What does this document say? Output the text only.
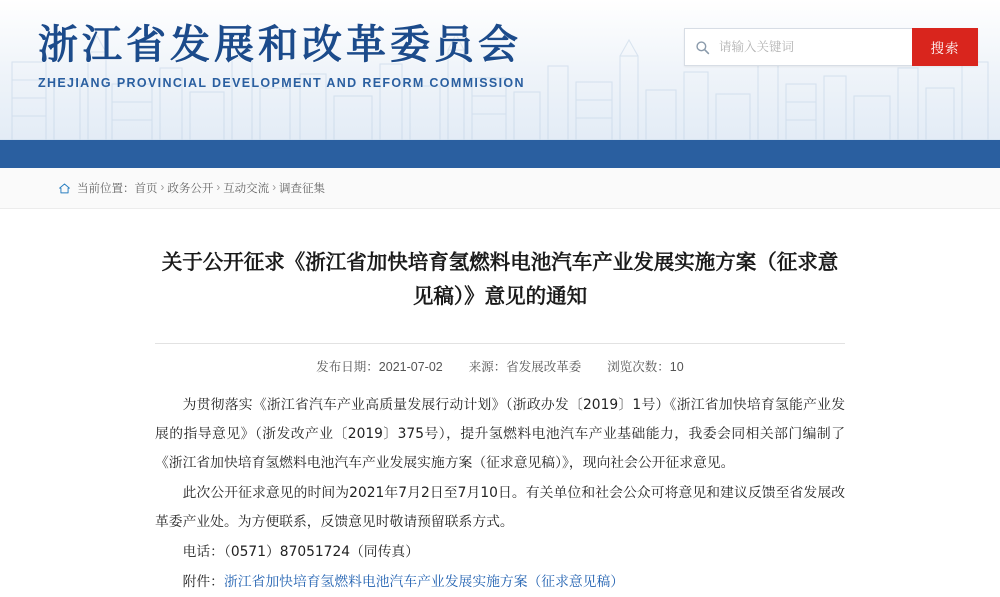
浙江省发展和改革委员会
ZHEJIANG PROVINCIAL DEVELOPMENT AND REFORM COMMISSION
请输入关键词
搜索
当前位置： 首页 › 政务公开 › 互动交流 › 调查征集
关于公开征求《浙江省加快培育氢燃料电池汽车产业发展实施方案（征求意见稿）》意见的通知
发布日期：2021-07-02 来源：省发展改革委 浏览次数：10

为贯彻落实《浙江省汽车产业高质量发展行动计划》（浙政办发〔2019〕1号）《浙江省加快培育氢能产业发展的指导意见》（浙发改产业〔2019〕375号），提升氢燃料电池汽车产业基础能力，我委会同相关部门编制了《浙江省加快培育氢燃料电池汽车产业发展实施方案（征求意见稿）》，现向社会公开征求意见。

此次公开征求意见的时间为2021年7月2日至7月10日。有关单位和社会公众可将意见和建议反馈至省发展改革委产业处。为方便联系，反馈意见时敬请预留联系方式。

电话：（0571）87051724（同传真）

附件：浙江省加快培育氢燃料电池汽车产业发展实施方案（征求意见稿）
